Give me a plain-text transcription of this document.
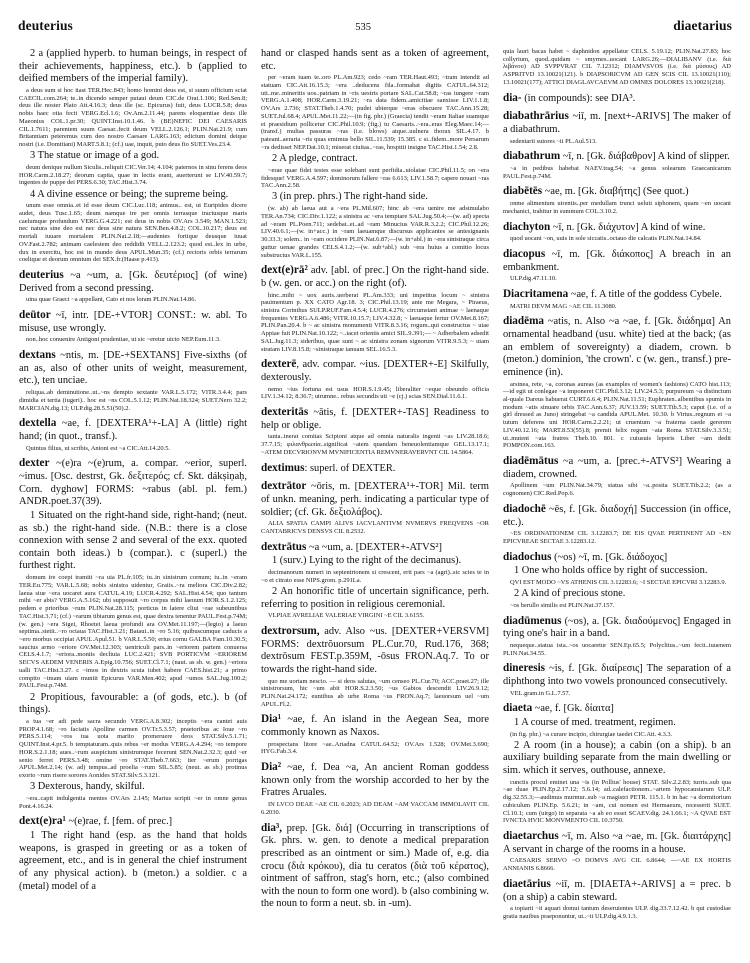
deuterius	535	diaetarius

2 a (applied hyperb. to human beings, in respect of their achievements, happiness, etc.). b (applied to deified members of the imperial family).

a deus sum si hoc itast TER.Hec.843; homo homini deus est, si suum officium sciat CAECIL.com.264; te..in dicendo semper putaui deum CIC.de Orat.1.106; Red.Sen.8; deus ille noster Plato Att.4.16.3; deus ille (sc. Epicurus) fuit, deus LUCR.5.8; deus nobis haec otia fecit VERG.Ecl.1.6; Ov.Am.2.11.44; parens eloquentiae deus ille Maeonius COL.1.pr.30; QUINT.Inst.10.1.46. b (BE)NEFIC DEI CAESARIS CIL.1.7611; parentem suum Caesar..fecit deum VELL.2.126.1; PLIN.Nat.21.9; cum Britanniam peteremus cum deo nostro Caesare LARG.163; edictum domini deique nostri (i.e. Domitiani) MART.5.8.1; (cf.) uae, inquit, puto deus fio SUET.Ves.23.4.

3 The statue or image of a god.

deum denique nullum Siculis..reliquit CIC.Ver.14; 4.104; paternos in sinu ferens deos HOR.Carm.2.18.27; deorum capita, quae in lectis erant, auerterunt se LIV.40.59.7; ingentes de puppe dei PERS.6.30; TAC.Hist.3.74.

4 A divine essence or being; the supreme being.

unum esse omnia..et id esse deum CIC.Luc.118; animus.. est, ut Euripides dicere audet, deus Tusc.1.65; deum namque ire per omnis terrasque tractusque maris caelumque profundum VERG.G.4.221; est deus in nobis OV.Ars 3.549; MAN.1.523; nec natura sine deo est nec deus sine natura SEN.Ben.4.8.2; COL.10.217; deus est mortali iuuare mortalem PLIN.Nat.2.18;—audentes fortique deusque iuuat OV.Fast.2.782; animam caelestem deo reddidit VELL.2.123.2; quod est..lex in urbe, dux in exercitu, hoc est in mundo deus APUL.Mun.35; (cf.) rectoris orbis terrarum coelique et deorum omnium dei SEX.fr.(Haase p.413).

deuterius ~a ~um, a. [Gk. δευτέριος] (of wine) Derived from a second pressing.

uina quae Graeci ~a appellant, Cato et nos loram PLIN.Nat.14.86.

deūtor ~ī, intr. [DE-+VTOR] CONST.: w. abl. To misuse, use wrongly.

non..hoc conuenire Antigoni prudentiae, ut sic ~eretur uicto NEP.Eum.11.3.

dextans ~ntis, m. [DE-+SEXTANS] Five-sixths (of an as, also of other units of weight, measurement, etc.), ten unciae.

reliqua..ab deminutione..ut..~ns dempto sextante VAR.L.5.172; VITR.3.4.4; pars dimidia et tertia (iugeri).. hoc est ~ns COL.5.1.12; PLIN.Nat.18.324; SUET.Nero 32.2; MARCIAN.dig.13; ULP.dig.28.5.51(50).2.

dextella ~ae, f. [DEXTERA¹+-LA] A (little) right hand; (in quot., transf.).

Quintus filius, ut scribis, Antoni est ~a CIC.Att.14.20.5.

dexter ~(e)ra ~(e)rum, a. compar. ~erior, superl. ~imus. [Osc. destrst, Gk. δεξιτερός; cf. Skt. dákṣiṇaḥ, Corn. dyghow] FORMS: ~rabus (abl. pl. fem.) ANDR.poet.37(39).

1 Situated on the right-hand side, right-hand; (neut. as sb.) the right-hand side. (N.B.: there is a close connexion with sense 2 and several of the exx. quoted contain both ideas.) b (compar.). c (superl.) the furthest right.

domum ire coepi tramiti ~ra uia PL.fr.105; tu..in sinistrum cornum; tu..in ~eram TER.Eu.775; VAR.L.5.68; nobis sinistra uidentur, Graiis..~ra meliora CIC.Div.2.82; laeua siue ~era uocaret aura CATUL.4.19; LUCR.4.292; SAL.Hist.4.54; quo tantum mihi ~er abis? VERG.A.5.162; ubi supposuit ~ro corpus mihi laeuum HOR.S.1.2.125; pedem e prioribus ~rum PLIN.Nat.28.115; porticus in latere cliui ~rae subeuntibus TAC.Hist.3.71; (cf.) ~rarum tibiarum genus est, quae dextra tenentur PAUL.Fest.p.74M; (w. gen.) ~era Sigei, Rhoetei laeua profundi ara OV.Met.11.197;—(legio) a laeuo septima..stetit..~ro octaua TAC.Hist.3.21; Bataui..in ~ro 5.16; quibuscumque caducis a ~ero morbus occipiat APUL.Apul.51. b VAR.L.5.50; erius cornu GALBA Fam.10.30.5; saucius armo ~eriore OV.Met.12.303; uentriculi pars..in ~eriorem partem conuersa CELS.4.1.7; ~eriora..montis decliuia LUC.2.421; SVB PORTICVM ~ERIOREM SECVS AEDEM VENERIS A.Epig.10.756; SUET.Cl.7.1; (naut. as sb. w. gen.) ~eriora ualli TAC.Hist.3.27. c ~imos in dextris scuta iubet habere CAES.hist.21; a primo compito ~imam uiam muniit Epicurus VAR.Men.402; apud ~umos SAL.Jug.100.2; PAUL.Fest.p.74M.

2 Propitious, favourable: a (of gods, etc.). b (of things).

a tua ~er adi pede sacra secundo VERG.A.8.302; inceptis ~era cantet auis PROP.4.1.68; ~ro faciatis Apolline carmen OV.Tr.5.3.57; praetoribus ac Ioue ~ro PERS.5.114; ~ros tua uota marito promeruere deos STAT.Silv.5.1.71; QUINT.Inst.4.pr.5. b temptaturam..quis rebus ~er modus VERG.A.4.294; ~ro tempore HOR.S.2.1.18; aues..~rum auspicium sinistrumque fecerunt SEN.Nat.2.32.3; quid ~er senio ferret PERS.3.48; omine ~ro STAT.Theb.7.663; iter ~erum porrigas APUL.Met.2.14; (w. ad) tempus..ad proelia ~rum SIL.5.85; (neut. as sb.) protinus exorto ~rum risere sorores Aonides STAT.Silv.5.3.121.

3 Dexterous, handy, skilful.

~era..capit indulgentia mentes OV.Ars 2.145; Marius scripti ~er in omne genus Pont.4.16.24.

dext(e)ra¹ ~(e)rae, f. [fem. of prec.]

1 The right hand (esp. as the hand that holds weapons, is grasped in greeting or as a token of agreement, etc., and is in general the chief instrument of any physical action). b (meton.) a soldier. c a (metal) model of a

hand or clasped hands sent as a token of agreement, etc.

per ~eram tuam te..oro PL.Am.923; cedo ~ram TER.Haut.493; ~tram intendit ad statuam CIC.Att.16.15.3; ~era ..deducens fila..formabat digitis CATUL.64.312; uti..me..mineritis uos..patriam in ~ris uestris portare SAL.Cat.58.8; ~ras iungere ~ram VERG.A.1.408; HOR.Carm.3.19.21; ~ra data fidem..amicitiae sanxisse LIV.1.1.8; OV.Ars 2.736; STAT.Theb.1.4.70; pudet ubterque ~eras obscuere TAC.Ann.15.28; SUET.Jul.68.4; APUL.Met.11.22;—(in fig. phr.) (Graecia) tendit ~eram Italiae suamque ei praesidium pollicetur CIC.Phil.10.9; (fig.) tu Caesaris..~era..eras Eleg.Maec.14;—(transf.) multas passuras ~ras (i.e. blows) atque..uulnera thorax SIL.4.17. b pateant..aeraria ~ris quas emimus bello SIL.11.539; 15.385. c si..fidem..more Persarum ~ra dedisset NEP.Dat.10.1; miserat ciuitas..~ras, hospitii insigne TAC.Hist.1.54; 2.8.

2 A pledge, contract.

~erae quae fidei testes esse solebant sunt perfidia..uiolatae CIC.Phil.11.5; on ~era fidesque! VERG.A.4.597; dominorum fallere ~ras 6.613; LIV.1.58.7; capere nouari ~ras TAC.Ann.2.58.

3 (in prep. phrs.) The right-hand side.

(w. ab) ab laeua aut a ~era PL.Mil.607; hinc ab ~era uenire me adsimulabo TER.An.734; CIC.Div.1.122; a sinistra ac ~era temptare SAL.Jug.50.4;—(w. ad) specta ad ~eram PL.Poen.711; sedebat..ei..ad ~ram Minucius VAR.R.3.2.2; CIC.Phil.12.26; LIV.40.6.1;—(w. in+acc.) in ~ram laeuamque discursus applicantes se antesignanis 30.33.3; solem.. in ~ram occidere PLIN.Nat.6.87;—(w. in+abl.) in ~era sinistraque circa guttur uenae grandes CELS.4.1.2;—(w. sub+abl.) sub ~era huius a comitio locus substructus VAR.L.155.

dext(e)rā² adv. [abl. of prec.] On the right-hand side. b (w. gen. or acc.) on the right (of).

hinc..mihi ~ uox auris..uerberat PL.Am.333; uni impetitus locum ~ sinistra pauimentum p. XX CATO Agr.18. 3; CIC.Phil.13.19; ante me Megara, ~ Piraeus, sinistra Corinthus SULP.RUF.Fam.4.5.4; LUCR.4.276; circumstant animae ~ laenaque frequentes VERG.A.6.486; VITR.10.15.7; LIV.4.32.8; ~ laeuaque fertur OV.Met.8.167; PLIN.Pan.20.4. b ~ ac sinistra monumenti VITR.8.3.16; rogum..qui constructus ~ uiae Appiae fuit PLIN.Nat.10.122; ~..iacet orientis amici SIL.9.391;— ~ Adherbalem adsedit SAL.Jug.11.3; sideribus, quae sunt ~ ac sinistra zonam signorum VITR.9.5.3; ~ uiam stratam LIV.8.15.8; ~sinistraque ianuam SEL.16.5.3.

dexterē, adv. compar. ~ius. [DEXTER+-E] Skilfully, dexterously.

nemo ~ius fortuna est usus HOR.S.1.9.45; liberaliter ~eque obeundo officia LIV.1.34.12; 8.36.7; utrumne.. rebus secundis uti ~e (cj.) scias SEN.Dial.11.6.1.

dexteritās ~ātis, f. [DEXTER+-TAS] Readiness to help or oblige.

tanta..inerat comitas Scipioni atque ad omnia naturalis ingenii ~as LIV.28.18.6; 37.7.15; φιλανθρωπία..significat ~atem quandam beneuolentiamque GEL.13.17.1; ~ATEM DECVRIONVM MVNIFICENTIA REMVNERAVERVNT CIL 14.5864.

dextimus: superl. of DEXTER.

dextrātor ~ōris, m. [DEXTERA¹+-TOR] Mil. term of unkn. meaning, perh. indicating a particular type of soldier; (cf. Gk. δεξιολάβος).

ALIA SPATIA CAMPI ALIVS IACVLANTIVM NVMERVS FREQVENS ~OR CANTABRICVS DENSVS CIL 8.2532.

dextrātus ~a ~um, a. [DEXTER+-ATVS²]

1 (surv.) Lying to the right of the decimanus).

decimanorum numeri in septentrionem si crescent, erit pars ~a (agri)..sic scies te in ~o et citrato esse NIPS.grom. p.291La.

2 An honorific title of uncertain significance, perh. referring to position in religious ceremonial.

VLPIAE AVRELIAE VALERIAE VIRGINI ~E CIL 3.6155.

dextrorsum, adv. Also ~us. [DEXTER+VERSVM] FORMS: dextrŏuorsum PL.Cur.70, Rud.176, 368; dextrōsum FEST.p.359M, -ōsus FRON.Aq.7. To or towards the right-hand side.

quo me uortam nescio. — si deos salutas, ~um censeo PL.Cur.70; ACC.praet.27; ille sinistrorsum, hic ~um abit HOR.S.2.3.50; ~us Gabios descendit LIV.26.9.12; PLIN.Nat.24.172; euntibus ab urbe Roma ~us FRON.Aq.7; laeuorsum uel ~um APUL.Fl.2.

Dia¹ ~ae, f. An island in the Aegean Sea, more commonly known as Naxos.

prospectans litore ~ae..Ariadna CATUL.64.52; OV.Ars 1.528; OV.Met.3.690; HYG.Fab.3.4.

Dia² ~ae, f. Dea ~a, An ancient Roman goddess known only from the worship accorded to her by the Fratres Aruales.

IN LVCO DEAE ~AE CIL 6.2023; AD DEAM ~AM VACCAM IMMOLAVIT CIL 6.2030.

dia³, prep. [Gk. διά] (Occurring in transcriptions of Gk. phrs. w. gen. to denote a medical preparation prescribed as an ointment or sim.) Made of, e.g. dia crocu (διὰ κρόκου), dia tu ceratos (διὰ τοῦ κέρατος), ointment of saffron, stag's horn, etc.; (also combined with the noun to form one word). b (also combining w. the noun to form a neut. sb. in -um).

quia lauri bacas habet ~ daphnidon appellatur CELS. 5.19.12; PLIN.Nat.27.83; hoc collyrium, quod..quidam ~ smyrnes..uocant LARG.26;—DIALIBANV (i.e. διὰ λιβάνου) AD SVPPVRAT CIL 7.12312; DIAMVSVOS (i.e. διὰ μύσους) AD ASPRITVD 13.10021(121). b DIAPSORICVM AD GEN SCIS CIL 13.10021(110); 13.10021(177); ATTICI DIAGLAVCAEVM AD OMNES DOLORES 13.10021(218).

dia- (in compounds): see DIA³.

diabathrārius ~iī, m. [next+-ARIVS] The maker of a diabathrum.

sedentarii sutores ~ii PL.Aul.513.

diabathrum ~ī, n. [Gk. διάβαθρον] A kind of slipper.

~a in pedibus habebat NAEV.trag.54; ~a genus solearum Graecanicarum PAUL.Fest.p.74M.

diabētēs ~ae, m. [Gk. διαβήτης] (See quot.)

onme alimentum uirentis..per medullam trunci ueluti siphonem, quam ~en uocant mechanici, trahitur in summum COL.3.10.2.

diachyton ~ī, n. [Gk. διάχυτον] A kind of wine.

quod uocant ~on, uuis in sole siccatis..octauo die calcatis PLIN.Nat.14.84.

diacopus ~ī, m. [Gk. διάκοπος] A breach in an embankment.

ULP.dig.47.11.10.

Diacritamena ~ae, f. A title of the goddess Cybele.

MATRI DEVM MAG ~AE CIL 11.3080.

diadēma ~atis, n. Also ~a ~ae, f. [Gk. διάδημα] An ornamental headband (usu. white) tied at the back; (as an emblem of sovereignty) a diadem, crown. b (meton.) dominion, 'the crown'. c (w. gen., transf.) pre-eminence (in).

arsinea, rete, ~a, coronas aureas (as examples of women's fashions) CATO hist.113;—id egit ut conlegae ~a imponeret CIC.Phil.3.12; LIV.24.5.3; purpureum ~a distinctum al-quale Dareus habuerat CURT.6.6.4; PLIN.Nat.11.51; Euphraten..albentibus spumis in modum ~atis sinuare orbis TAC.Ann.6.37; JUV.13.59; SUET.Tib.5.3; caput (i.e. of a girl dressed as Juno) stringebat ~a candida APUL.Met. 10.30. b Virtus..regnum et ~a tutum deferens uni HOR.Carm.2.2.21; ut cruentum ~a fraterna caede gererem LIV.40.12.16; MART.8.53(55).8; premit felix regum ~ata Roma STAT.Silv.3.3.51; ut..mutent ~ata fratres Theb.10. 801. c cuiusuis leporis Liber ~am dedit POMPON.com.163.

diadēmātus ~a ~um, a. [prec.+-ATVS²] Wearing a diadem, crowned.

Apollinem ~um PLIN.Nat.34.79; statua sibi ~a..posita SUET.Tib.2.2; (as a cognomen) CIC.Red.Pop.6.

diadochē ~ēs, f. [Gk. διαδοχή] Succession (in office, etc.).

~ES ORDINATIONEM CIL 3.12283.7; DE EIS QVAE PERTINENT AD ~EN EPICVREAE SECTAE 3.12283.12.

diadochus (~os) ~ī, m. [Gk. διάδοχος]

1 One who holds office by right of succession.

QVI EST MODO ~VS ATHENIS CIL 3.12283.6; ~I SECTAE EPICVRI 3.12283.9.

2 A kind of precious stone.

~os berullo similis est PLIN.Nat.37.157.

diadūmenus (~os), a. [Gk. διαδούμενος] Engaged in tying one's hair in a band.

nequeque..statua ista..~os uocaretur SEN.Ep.65.5; Polyclitus..~um fecit..iuuenem PLIN.Nat.34.55.

dineresis ~is, f. [Gk. διαίρεσις] The separation of a diphthong into two vowels pronounced consecutively.

VEL.gram.in G.L.7.57.

diaeta ~ae, f. [Gk. δίαιτα]

1 A course of med. treatment, regimen.

(in fig. phr.) ~a curare incipio, chirurgiae taedet CIC.Att. 4.3.3.

2 A room (in a house); a cabin (on a ship). b an auxiliary building separate from the main dwelling or sim. which it serves, outhouse, annexe.

cunctis procul eminet una ~is (in Pollius' house) STAT. Silv.2.2.83; turris..sub qua ~ae duae PLIN.Ep.2.17.12; 5.6.14; ad..calefactionem..~artem hypocaustarum ULP. dig.32.55.3;—audimus murmur..sub ~a magistri PETR. 115.1. b in hac ~a dormitorium cubiculum PLIN.Ep. 5.6.21; in ~am, cui nomen est Hermaeum, recesserit SUET. Cl.10.1; cum (uirgo) in separata ~a ab eo esset SCAEV.dig. 24.1.66.1; ~A QVAE EST IVNCTA HVIC MONVMENTO CIL 10.3750.

diaetarchus ~ī, m. Also ~a ~ae, m. [Gk. διαιτάρχης] A servant in charge of the rooms in a house.

CAESARIS SERVO ~O DOMVS AVG CIL 6.8644; —~AE EX HORTIS ANNIANIS 6.8666.

diaetārius ~iī, m. [DIAETA+-ARIVS] a = prec. b (on a ship) a cabin steward.

a topiarii ~ii aquari domui tantum deseruientes ULP. dig.33.7.12.42. b qui custodiae gratia nauibus praeponuntur, ut..~ii ULP.dig.4.9.1.3.
